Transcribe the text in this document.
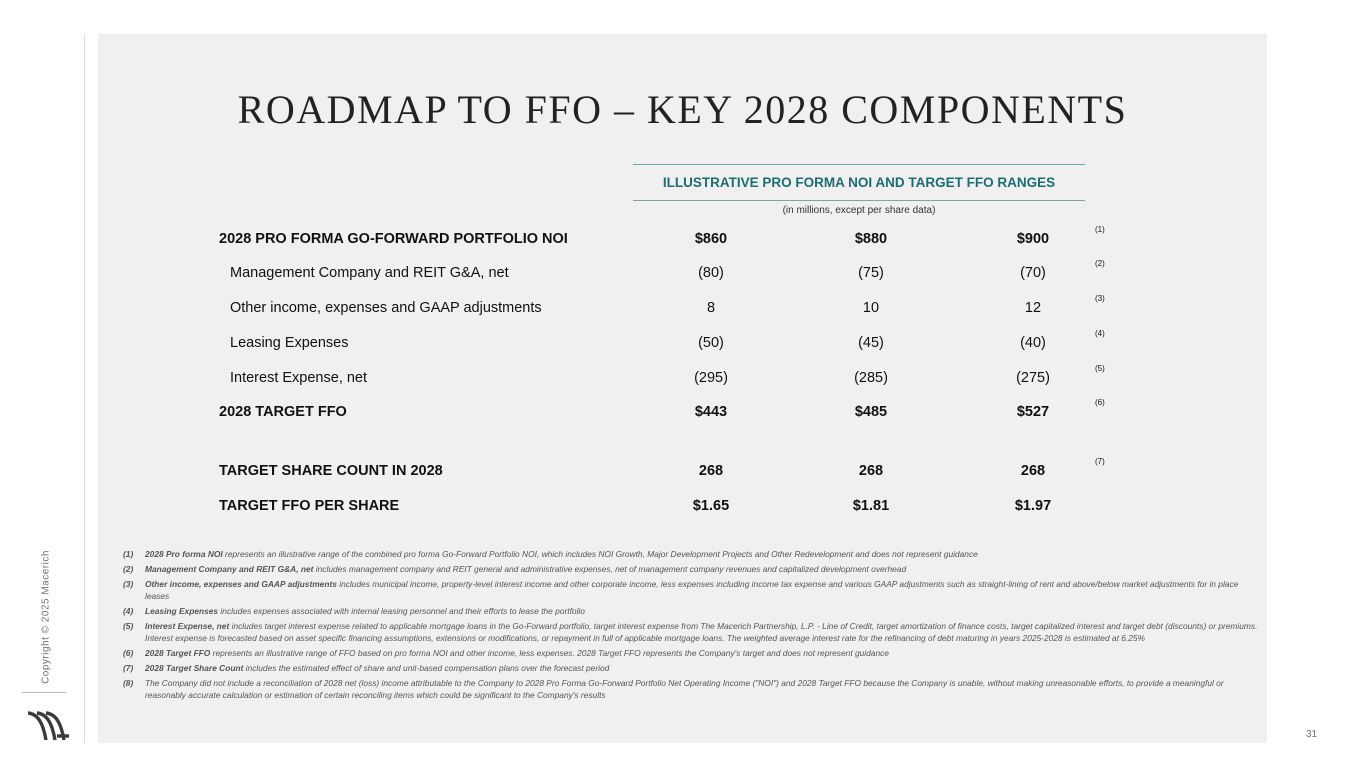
Copyright © 2025 Macerich
ROADMAP TO FFO – KEY 2028 COMPONENTS
ILLUSTRATIVE PRO FORMA NOI AND TARGET FFO RANGES
(in millions, except per share data)
2028 PRO FORMA GO-FORWARD PORTFOLIO NOI	$860	$880	$900
(1)
Management Company and REIT G&A, net	(80)	(75)	(70)
(2)
Other income, expenses and GAAP adjustments	8	10	12
(3)
Leasing Expenses	(50)	(45)	(40)
(4)
Interest Expense, net	(295)	(285)	(275)
(5)
2028 TARGET FFO	$443	$485	$527
(6)
TARGET SHARE COUNT IN 2028	268	268	268
(7)
TARGET FFO PER SHARE	$1.65	$1.81	$1.97
(1)	2028 Pro forma NOI represents an illustrative range of the combined pro forma Go-Forward Portfolio NOI, which includes NOI Growth, Major Development Projects and Other Redevelopment and does not represent guidance
(2)	Management Company and REIT G&A, net includes management company and REIT general and administrative expenses, net of management company revenues and capitalized development overhead
(3)	Other income, expenses and GAAP adjustments includes municipal income, property-level interest income and other corporate income, less expenses including income tax expense and various GAAP adjustments such as straight-lining of rent and above/below market adjustments for in place leases
(4)	Leasing Expenses includes expenses associated with internal leasing personnel and their efforts to lease the portfolio
(5)	Interest Expense, net includes target interest expense related to applicable mortgage loans in the Go-Forward portfolio, target interest expense from The Macerich Partnership, L.P. - Line of Credit, target amortization of finance costs, target capitalized interest and target debt (discounts) or premiums. Interest expense is forecasted based on asset specific financing assumptions, extensions or modifications, or repayment in full of applicable mortgage loans. The weighted average interest rate for the refinancing of debt maturing in years 2025-2028 is estimated at 6.25%
(6)	2028 Target FFO represents an illustrative range of FFO based on pro forma NOI and other income, less expenses. 2028 Target FFO represents the Company's target and does not represent guidance
(7)	2028 Target Share Count includes the estimated effect of share and unit-based compensation plans over the forecast period
(8)	The Company did not include a reconciliation of 2028 net (loss) income attributable to the Company to 2028 Pro Forma Go-Forward Portfolio Net Operating Income ("NOI") and 2028 Target FFO because the Company is unable, without making unreasonable efforts, to provide a meaningful or reasonably accurate calculation or estimation of certain reconciling items which could be significant to the Company's results
31
